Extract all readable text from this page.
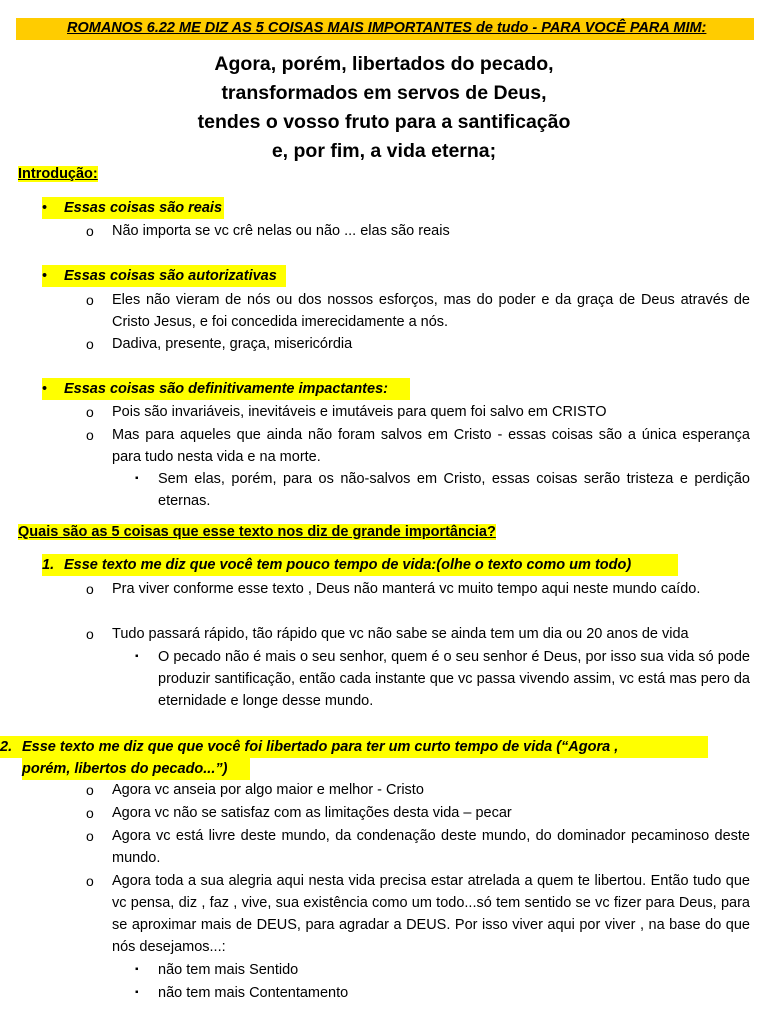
ROMANOS 6.22 ME DIZ AS 5 COISAS MAIS IMPORTANTES de tudo - PARA VOCÊ PARA MIM:
Agora, porém, libertados do pecado,
transformados em servos de Deus,
tendes o vosso fruto para a santificação
e, por fim, a vida eterna;
Introdução:
• Essas coisas são reais
o Não importa se vc crê nelas ou não ... elas são reais
• Essas coisas são autorizativas
o Eles não vieram de nós ou dos nossos esforços, mas do poder e da graça de Deus através de Cristo Jesus, e foi concedida imerecidamente a nós.
o Dadiva, presente, graça, misericórdia
• Essas coisas são definitivamente impactantes:
o Pois são invariáveis, inevitáveis e imutáveis para quem foi salvo em CRISTO
o Mas para aqueles que ainda não foram salvos em Cristo - essas coisas são a única esperança para tudo nesta vida e na morte.
▪ Sem elas, porém, para os não-salvos em Cristo, essas coisas serão tristeza e perdição eternas.
Quais são as 5 coisas que esse texto nos diz de grande importância?
1. Esse texto me diz que você tem pouco tempo de vida:(olhe o texto como um todo)
o Pra viver conforme esse texto , Deus não manterá vc muito tempo aqui neste mundo caído.
o Tudo passará rápido, tão rápido que vc não sabe se ainda tem um dia ou 20 anos de vida
▪ O pecado não é mais o seu senhor, quem é o seu senhor é Deus, por isso sua vida só pode produzir santificação, então cada instante que vc passa vivendo assim, vc está mas pero da eternidade e longe desse mundo.
2. Esse texto me diz que que você foi libertado para ter um curto tempo de vida (“Agora ,
porém, libertos do pecado...”)
o Agora vc anseia por algo maior e melhor - Cristo
o Agora vc não se satisfaz com as limitações desta vida – pecar
o Agora vc está livre deste mundo, da condenação deste mundo, do dominador pecaminoso deste mundo.
o Agora toda a sua alegria aqui nesta vida precisa estar atrelada a quem te libertou. Então tudo que vc pensa, diz , faz , vive, sua existência como um todo...só tem sentido se vc fizer para Deus, para se aproximar mais de DEUS, para agradar a DEUS. Por isso viver aqui por viver , na base do que nós desejamos...:
▪ não tem mais Sentido
▪ não tem mais Contentamento
